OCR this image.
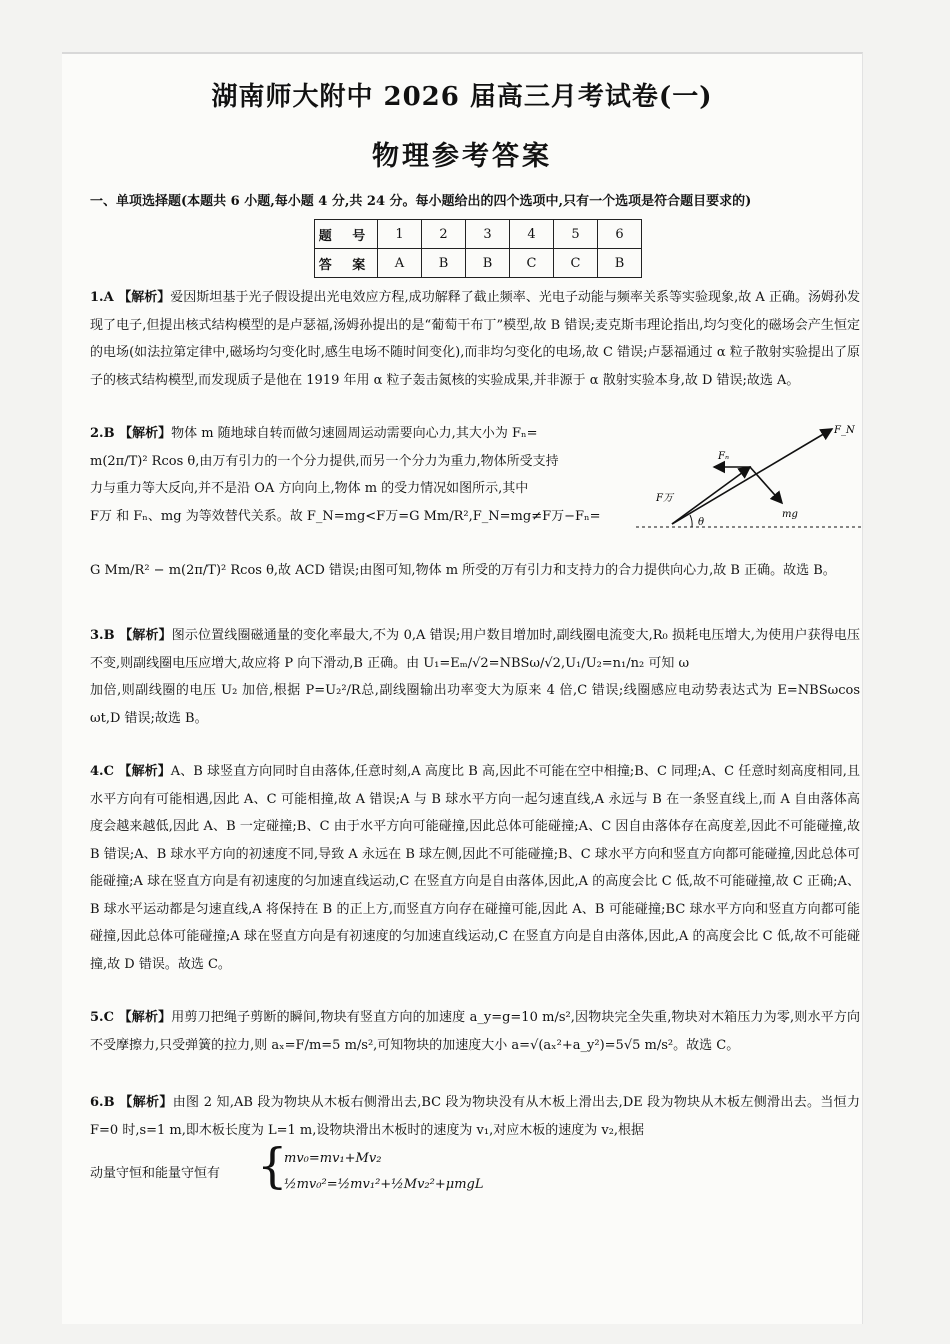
湖南师大附中 2026 届高三月考试卷(一)
物理参考答案
一、单项选择题(本题共 6 小题,每小题 4 分,共 24 分。每小题给出的四个选项中,只有一个选项是符合题目要求的)
题 号	1	2	3	4	5	6
答 案	A	B	B	C	C	B
1.A 【解析】爱因斯坦基于光子假设提出光电效应方程,成功解释了截止频率、光电子动能与频率关系等实验现象,故 A 正确。汤姆孙发现了电子,但提出核式结构模型的是卢瑟福,汤姆孙提出的是“葡萄干布丁”模型,故 B 错误;麦克斯韦理论指出,均匀变化的磁场会产生恒定的电场(如法拉第定律中,磁场均匀变化时,感生电场不随时间变化),而非均匀变化的电场,故 C 错误;卢瑟福通过 α 粒子散射实验提出了原子的核式结构模型,而发现质子是他在 1919 年用 α 粒子轰击氮核的实验成果,并非源于 α 散射实验本身,故 D 错误;故选 A。
2.B 【解析】物体 m 随地球自转而做匀速圆周运动需要向心力,其大小为 Fₙ=
m(2π/T)² Rcos θ,由万有引力的一个分力提供,而另一个分力为重力,物体所受支持
力与重力等大反向,并不是沿 OA 方向向上,物体 m 的受力情况如图所示,其中
F万 和 Fₙ、mg 为等效替代关系。故 F_N=mg<F万=G Mm/R²,F_N=mg≠F万−Fₙ=
G Mm/R² − m(2π/T)² Rcos θ,故 ACD 错误;由图可知,物体 m 所受的万有引力和支持力的合力提供向心力,故 B 正确。故选 B。
F_N
Fₙ
F万
mg
θ
3.B 【解析】图示位置线圈磁通量的变化率最大,不为 0,A 错误;用户数目增加时,副线圈电流变大,R₀ 损耗电压增大,为使用户获得电压不变,则副线圈电压应增大,故应将 P 向下滑动,B 正确。由 U₁=Eₘ/√2=NBSω/√2,U₁/U₂=n₁/n₂ 可知 ω
加倍,则副线圈的电压 U₂ 加倍,根据 P=U₂²/R总,副线圈输出功率变大为原来 4 倍,C 错误;线圈感应电动势表达式为 E=NBSωcos ωt,D 错误;故选 B。
4.C 【解析】A、B 球竖直方向同时自由落体,任意时刻,A 高度比 B 高,因此不可能在空中相撞;B、C 同理;A、C 任意时刻高度相同,且水平方向有可能相遇,因此 A、C 可能相撞,故 A 错误;A 与 B 球水平方向一起匀速直线,A 永远与 B 在一条竖直线上,而 A 自由落体高度会越来越低,因此 A、B 一定碰撞;B、C 由于水平方向可能碰撞,因此总体可能碰撞;A、C 因自由落体存在高度差,因此不可能碰撞,故 B 错误;A、B 球水平方向的初速度不同,导致 A 永远在 B 球左侧,因此不可能碰撞;B、C 球水平方向和竖直方向都可能碰撞,因此总体可能碰撞;A 球在竖直方向是有初速度的匀加速直线运动,C 在竖直方向是自由落体,因此,A 的高度会比 C 低,故不可能碰撞,故 C 正确;A、B 球水平运动都是匀速直线,A 将保持在 B 的正上方,而竖直方向存在碰撞可能,因此 A、B 可能碰撞;BC 球水平方向和竖直方向都可能碰撞,因此总体可能碰撞;A 球在竖直方向是有初速度的匀加速直线运动,C 在竖直方向是自由落体,因此,A 的高度会比 C 低,故不可能碰撞,故 D 错误。故选 C。
5.C 【解析】用剪刀把绳子剪断的瞬间,物块有竖直方向的加速度 a_y=g=10 m/s²,因物块完全失重,物块对木箱压力为零,则水平方向不受摩擦力,只受弹簧的拉力,则 aₓ=F/m=5 m/s²,可知物块的加速度大小 a=√(aₓ²+a_y²)=5√5 m/s²。故选 C。
6.B 【解析】由图 2 知,AB 段为物块从木板右侧滑出去,BC 段为物块没有从木板上滑出去,DE 段为物块从木板左侧滑出去。当恒力 F=0 时,s=1 m,即木板长度为 L=1 m,设物块滑出木板时的速度为 v₁,对应木板的速度为 v₂,根据
动量守恒和能量守恒有 {
mv₀=mv₁+Mv₂
½mv₀²=½mv₁²+½Mv₂²+μmgL
